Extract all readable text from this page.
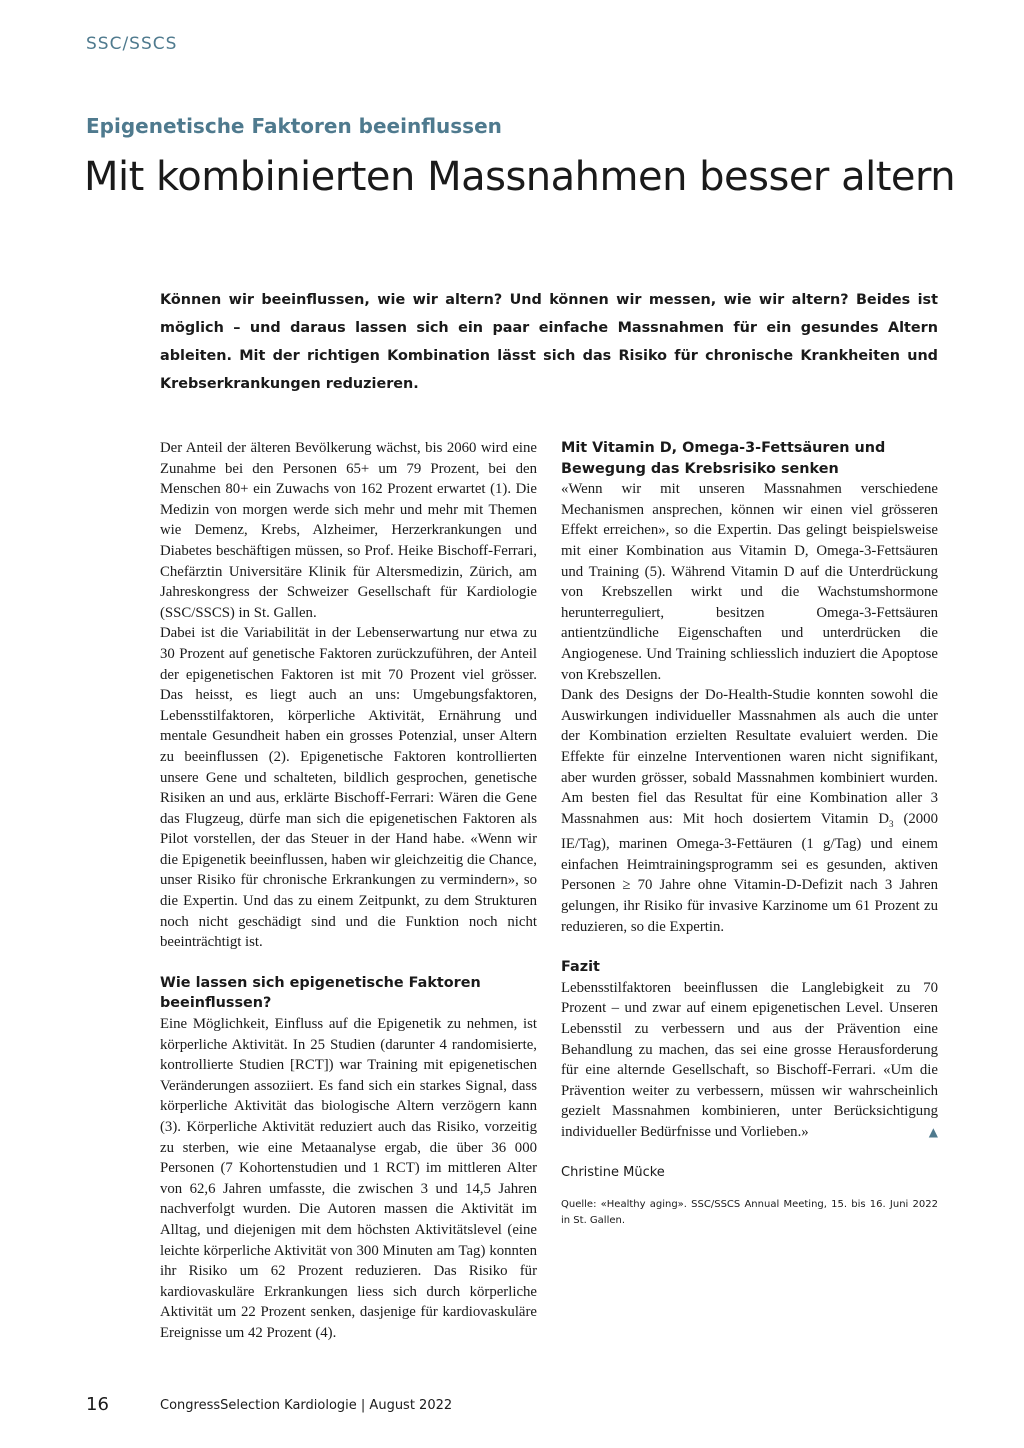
SSC/SSCS
Epigenetische Faktoren beeinflussen
Mit kombinierten Massnahmen besser altern

Können wir beeinflussen, wie wir altern? Und können wir messen, wie wir altern? Beides ist möglich – und daraus lassen sich ein paar einfache Massnahmen für ein gesundes Altern ableiten. Mit der richtigen Kombination lässt sich das Risiko für chronische Krankheiten und Krebserkrankungen reduzieren.

Der Anteil der älteren Bevölkerung wächst, bis 2060 wird eine Zunahme bei den Personen 65+ um 79 Prozent, bei den Menschen 80+ ein Zuwachs von 162 Prozent erwartet (1). Die Medizin von morgen werde sich mehr und mehr mit Themen wie Demenz, Krebs, Alzheimer, Herzerkrankungen und Diabetes beschäftigen müssen, so Prof. Heike Bischoff-Ferrari, Chefärztin Universitäre Klinik für Altersmedizin, Zürich, am Jahreskongress der Schweizer Gesellschaft für Kardiologie (SSC/SSCS) in St. Gallen.

Dabei ist die Variabilität in der Lebenserwartung nur etwa zu 30 Prozent auf genetische Faktoren zurückzuführen, der Anteil der epigenetischen Faktoren ist mit 70 Prozent viel grösser. Das heisst, es liegt auch an uns: Umgebungsfaktoren, Lebensstilfaktoren, körperliche Aktivität, Ernährung und mentale Gesundheit haben ein grosses Potenzial, unser Altern zu beeinflussen (2). Epigenetische Faktoren kontrollierten unsere Gene und schalteten, bildlich gesprochen, genetische Risiken an und aus, erklärte Bischoff-Ferrari: Wären die Gene das Flugzeug, dürfe man sich die epigenetischen Faktoren als Pilot vorstellen, der das Steuer in der Hand habe. «Wenn wir die Epigenetik beeinflussen, haben wir gleichzeitig die Chance, unser Risiko für chronische Erkrankungen zu vermindern», so die Expertin. Und das zu einem Zeitpunkt, zu dem Strukturen noch nicht geschädigt sind und die Funktion noch nicht beeinträchtigt ist.

Wie lassen sich epigenetische Faktoren beeinflussen?

Eine Möglichkeit, Einfluss auf die Epigenetik zu nehmen, ist körperliche Aktivität. In 25 Studien (darunter 4 randomisierte, kontrollierte Studien [RCT]) war Training mit epigenetischen Veränderungen assoziiert. Es fand sich ein starkes Signal, dass körperliche Aktivität das biologische Altern verzögern kann (3). Körperliche Aktivität reduziert auch das Risiko, vorzeitig zu sterben, wie eine Metaanalyse ergab, die über 36 000 Personen (7 Kohortenstudien und 1 RCT) im mittleren Alter von 62,6 Jahren umfasste, die zwischen 3 und 14,5 Jahren nachverfolgt wurden. Die Autoren massen die Aktivität im Alltag, und diejenigen mit dem höchsten Aktivitätslevel (eine leichte körperliche Aktivität von 300 Minuten am Tag) konnten ihr Risiko um 62 Prozent reduzieren. Das Risiko für kardiovaskuläre Erkrankungen liess sich durch körperliche Aktivität um 22 Prozent senken, dasjenige für kardiovaskuläre Ereignisse um 42 Prozent (4).

Mit Vitamin D, Omega-3-Fettsäuren und Bewegung das Krebsrisiko senken

«Wenn wir mit unseren Massnahmen verschiedene Mechanismen ansprechen, können wir einen viel grösseren Effekt erreichen», so die Expertin. Das gelingt beispielsweise mit einer Kombination aus Vitamin D, Omega-3-Fettsäuren und Training (5). Während Vitamin D auf die Unterdrückung von Krebszellen wirkt und die Wachstumshormone herunterreguliert, besitzen Omega-3-Fettsäuren antientzündliche Eigenschaften und unterdrücken die Angiogenese. Und Training schliesslich induziert die Apoptose von Krebszellen.

Dank des Designs der Do-Health-Studie konnten sowohl die Auswirkungen individueller Massnahmen als auch die unter der Kombination erzielten Resultate evaluiert werden. Die Effekte für einzelne Interventionen waren nicht signifikant, aber wurden grösser, sobald Massnahmen kombiniert wurden. Am besten fiel das Resultat für eine Kombination aller 3 Massnahmen aus: Mit hoch dosiertem Vitamin $D_3$ (2000 IE/Tag), marinen Omega-3-Fettäuren (1 g/Tag) und einem einfachen Heimtrainingsprogramm sei es gesunden, aktiven Personen ≥ 70 Jahre ohne Vitamin-D-Defizit nach 3 Jahren gelungen, ihr Risiko für invasive Karzinome um 61 Prozent zu reduzieren, so die Expertin.

Fazit

Lebensstilfaktoren beeinflussen die Langlebigkeit zu 70 Prozent – und zwar auf einem epigenetischen Level. Unseren Lebensstil zu verbessern und aus der Prävention eine Behandlung zu machen, das sei eine grosse Herausforderung für eine alternde Gesellschaft, so Bischoff-Ferrari. «Um die Prävention weiter zu verbessern, müssen wir wahrscheinlich gezielt Massnahmen kombinieren, unter Berücksichtigung individueller Bedürfnisse und Vorlieben.»	▲

Christine Mücke
Quelle: «Healthy aging». SSC/SSCS Annual Meeting, 15. bis 16. Juni 2022 in St. Gallen.
16	CongressSelection Kardiologie | August 2022
